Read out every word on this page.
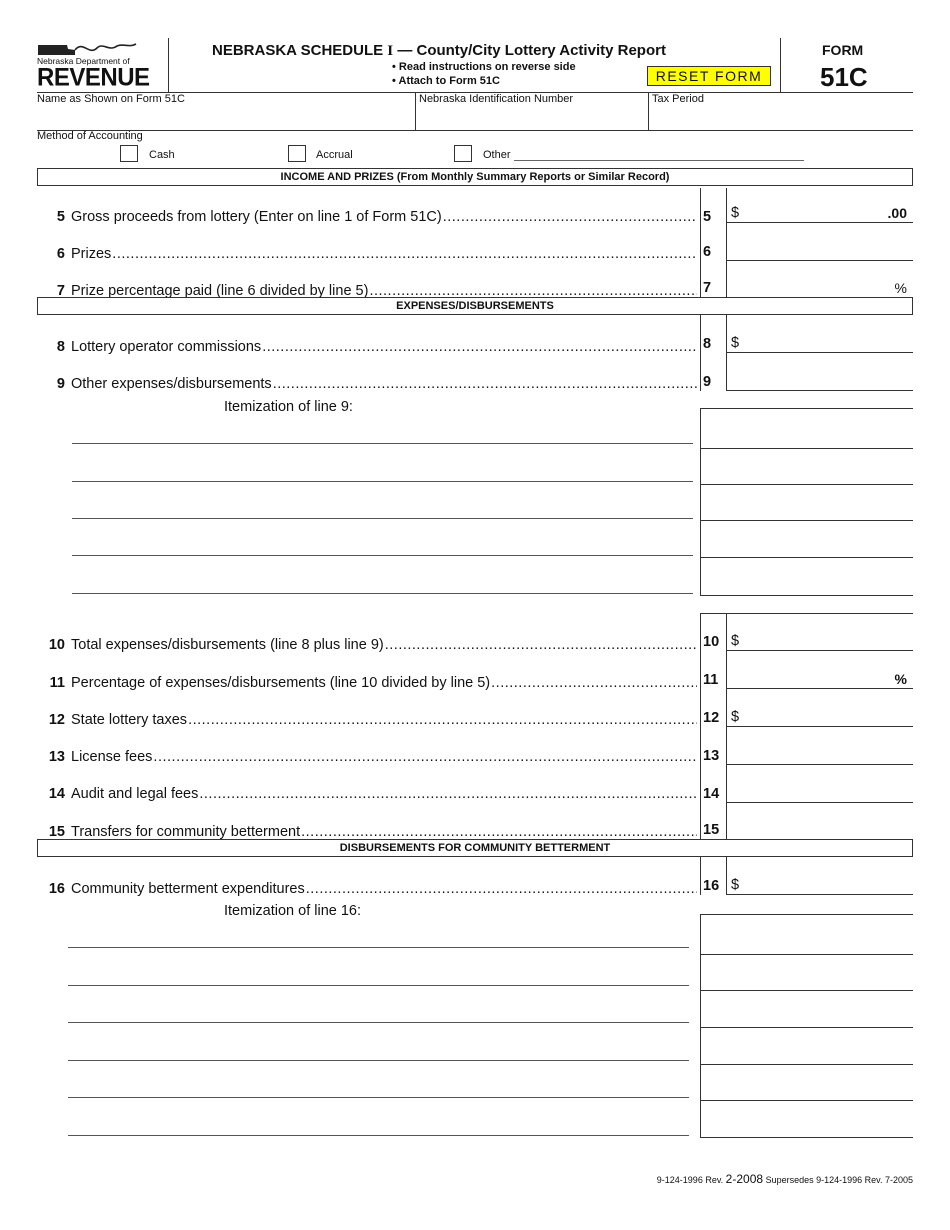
Nebraska Department of
REVENUE
NEBRASKA SCHEDULE I — County/City Lottery Activity Report
• Read instructions on reverse side
• Attach to Form 51C	RESET FORM
FORM
51C
Name as Shown on Form 51C	Nebraska Identification Number	Tax Period
Method of Accounting
Cash	Accrual	Other
INCOME AND PRIZES (From Monthly Summary Reports or Similar Record)
5 Gross proceeds from lottery (Enter on line 1 of Form 51C) .....	5 $	.00
6 Prizes .....	6
7 Prize percentage paid (line 6 divided by line 5) .....	7	%
EXPENSES/DISBURSEMENTS
8 Lottery operator commissions .....	8 $
9 Other expenses/disbursements .....	9
Itemization of line 9:
10 Total expenses/disbursements (line 8 plus line 9) .....	10 $
11 Percentage of expenses/disbursements (line 10 divided by line 5) .....	11	%
12 State lottery taxes .....	12 $
13 License fees .....	13
14 Audit and legal fees .....	14
15 Transfers for community betterment .....	15
DISBURSEMENTS FOR COMMUNITY BETTERMENT
16 Community betterment expenditures .....	16 $
Itemization of line 16:
9-124-1996 Rev. 2-2008 Supersedes 9-124-1996 Rev. 7-2005
